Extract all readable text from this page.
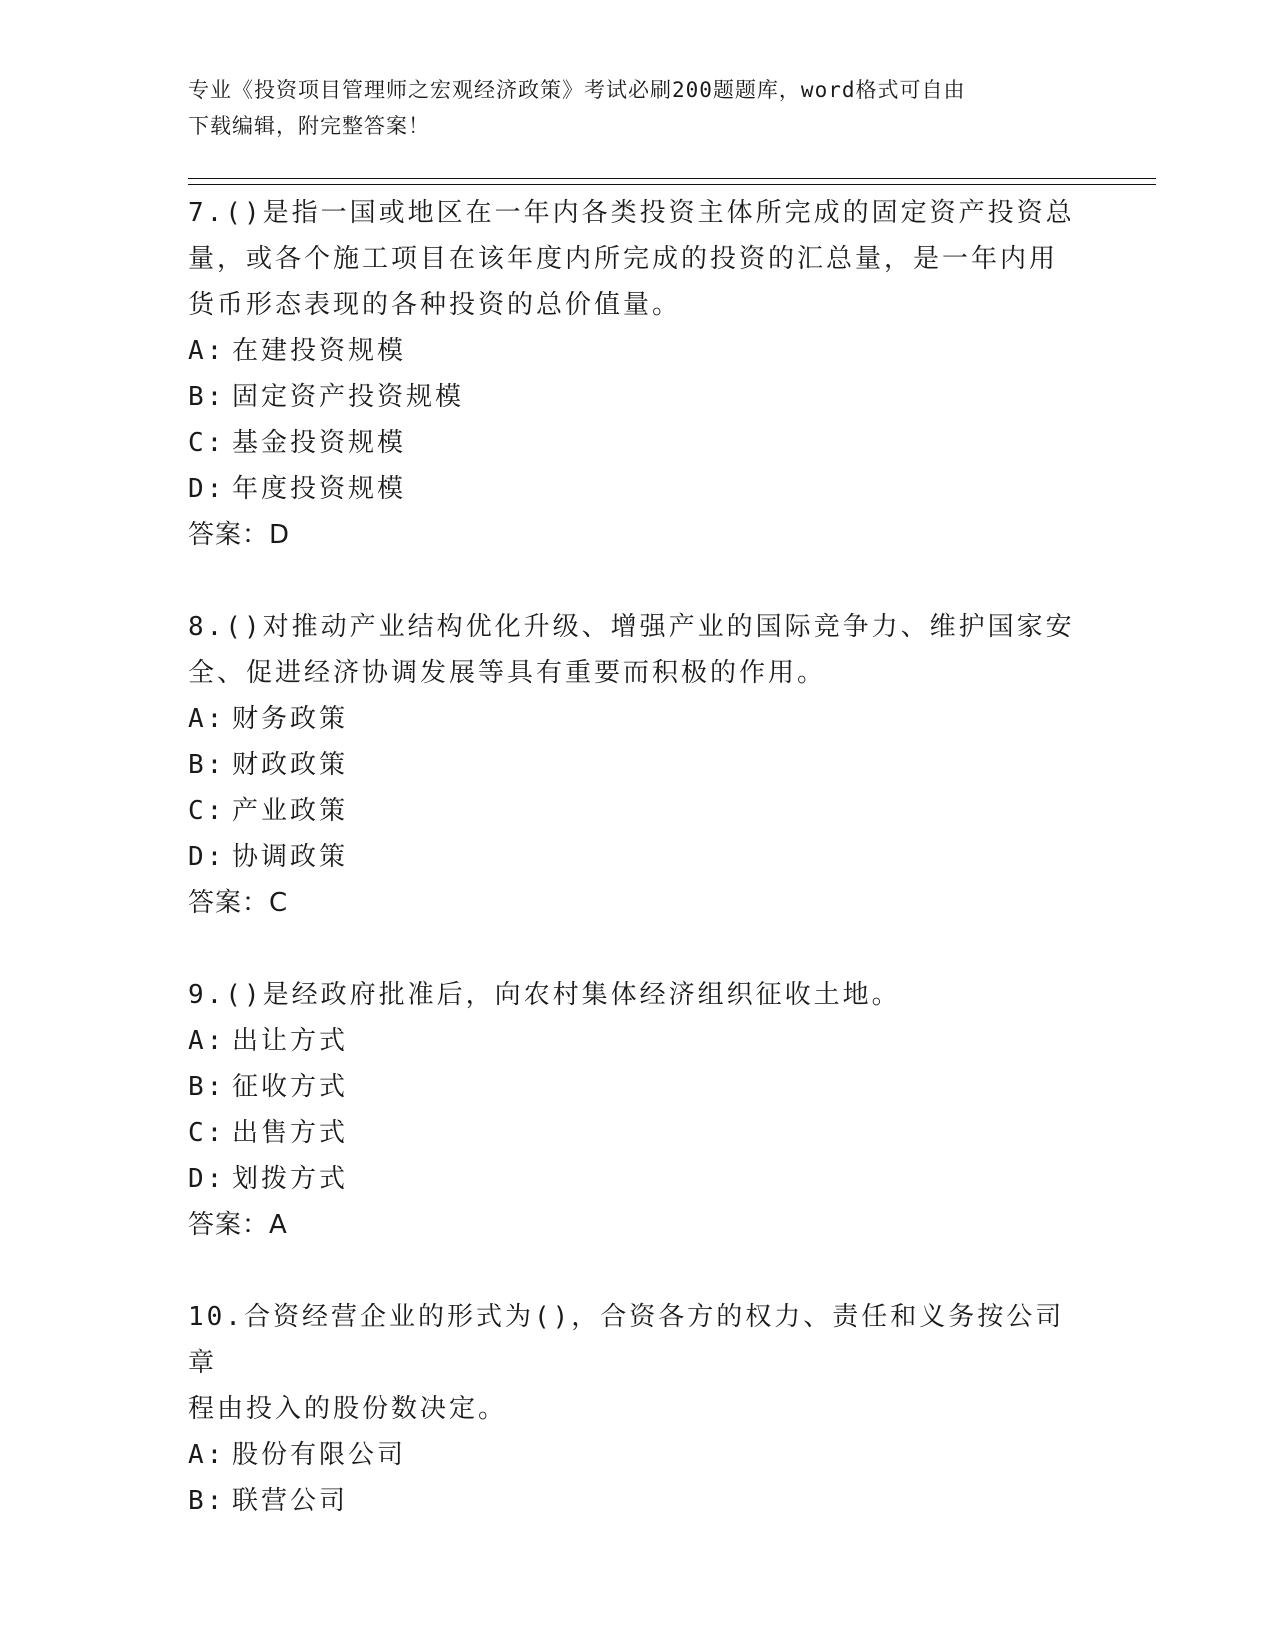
专业《投资项目管理师之宏观经济政策》考试必刷200题题库，word格式可自由
下载编辑，附完整答案！
7.()是指一国或地区在一年内各类投资主体所完成的固定资产投资总
量，或各个施工项目在该年度内所完成的投资的汇总量，是一年内用
货币形态表现的各种投资的总价值量。
A: 在建投资规模
B: 固定资产投资规模
C: 基金投资规模
D: 年度投资规模
答案：D
8.()对推动产业结构优化升级、增强产业的国际竞争力、维护国家安
全、促进经济协调发展等具有重要而积极的作用。
A: 财务政策
B: 财政政策
C: 产业政策
D: 协调政策
答案：C
9.()是经政府批准后，向农村集体经济组织征收土地。
A: 出让方式
B: 征收方式
C: 出售方式
D: 划拨方式
答案：A
10.合资经营企业的形式为()，合资各方的权力、责任和义务按公司章
程由投入的股份数决定。
A: 股份有限公司
B: 联营公司
